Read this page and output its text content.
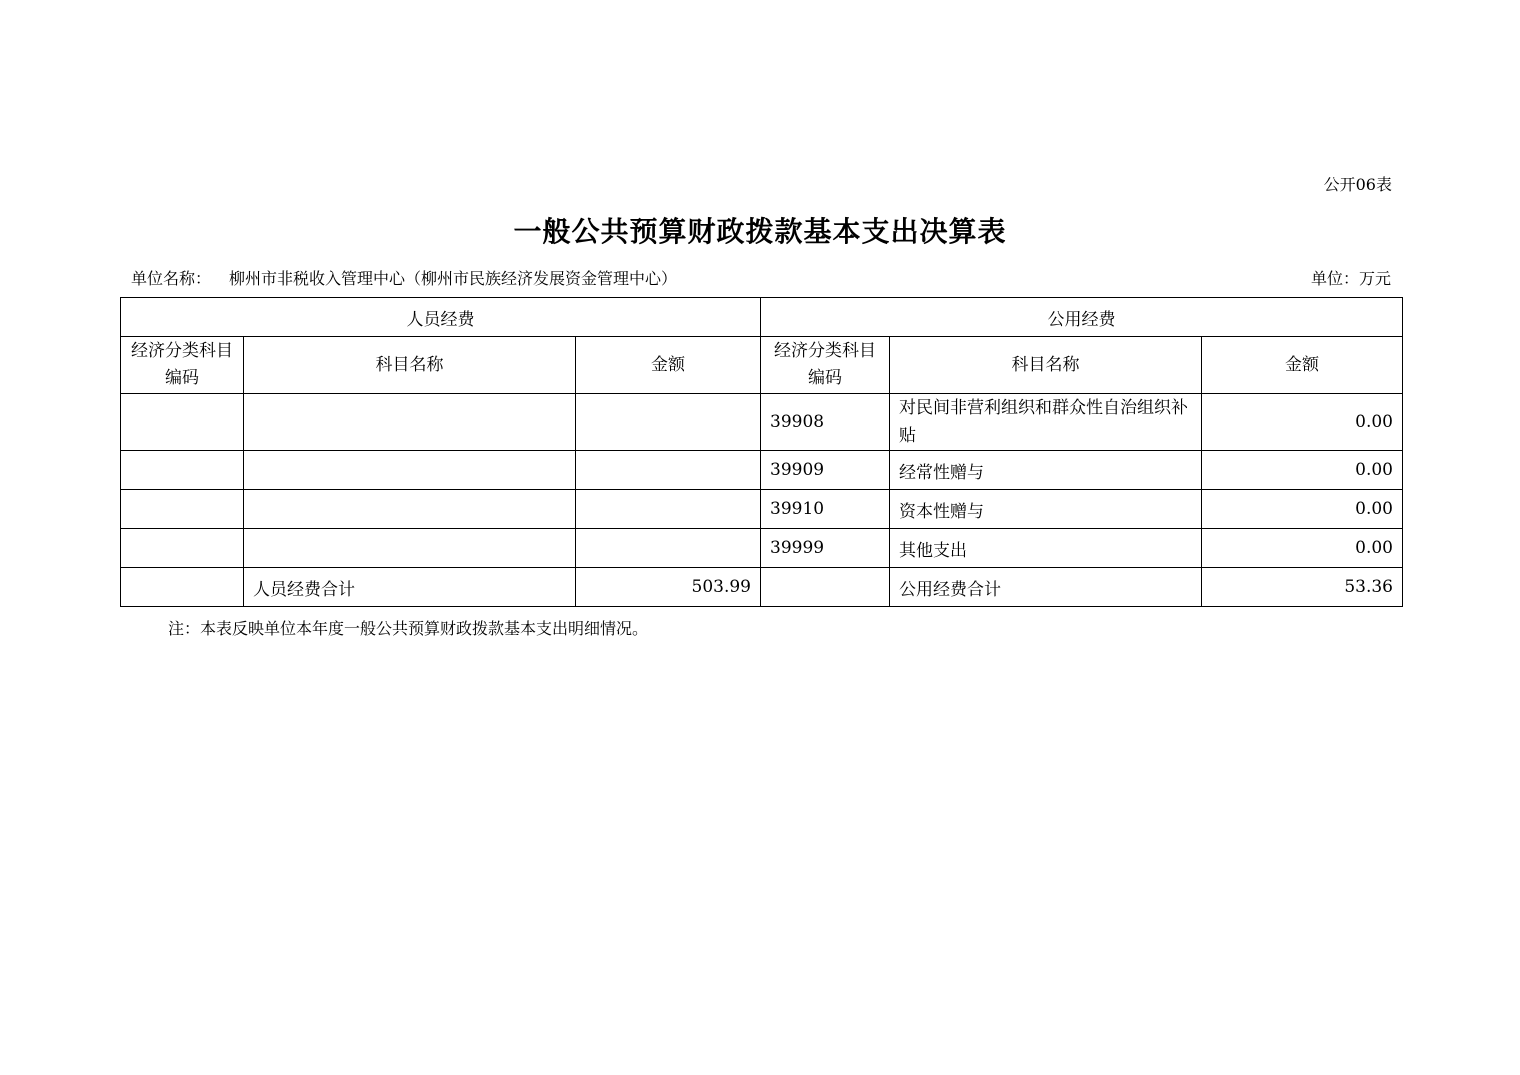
公开06表
一般公共预算财政拨款基本支出决算表
单位名称： 柳州市非税收入管理中心（柳州市民族经济发展资金管理中心）	单位：万元
人员经费			公用经费		
经济分类科目编码	科目名称	金额	经济分类科目编码	科目名称	金额
			39908	对民间非营利组织和群众性自治组织补贴	0.00
			39909	经常性赠与	0.00
			39910	资本性赠与	0.00
			39999	其他支出	0.00
	人员经费合计	503.99		公用经费合计	53.36
注：本表反映单位本年度一般公共预算财政拨款基本支出明细情况。
